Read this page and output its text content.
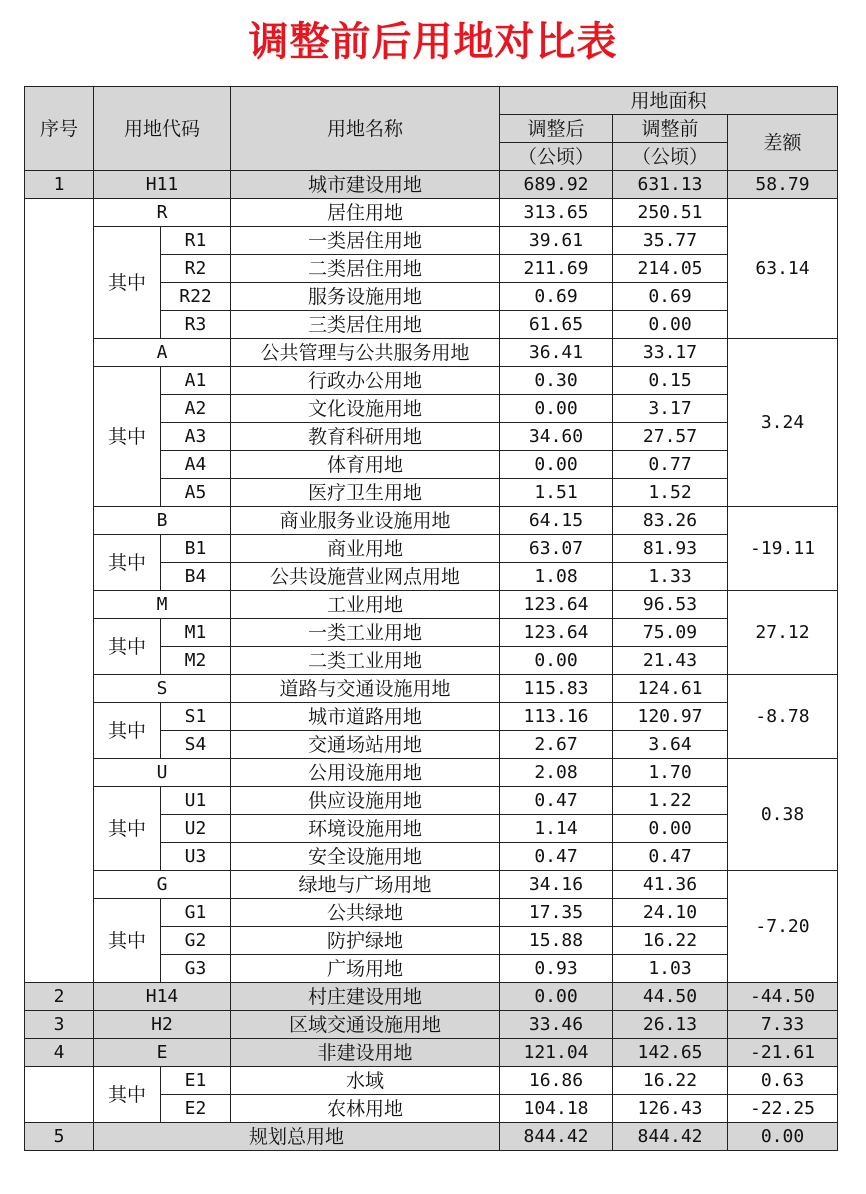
调整前后用地对比表
序号	用地代码		用地名称	用地面积		
				调整后	调整前	差额
				（公顷）	（公顷）	
1	H11		城市建设用地	689.92	631.13	58.79
	R		居住用地	313.65	250.51	63.14
	其中	R1	一类居住用地	39.61	35.77	
		R2	二类居住用地	211.69	214.05	
		R22	服务设施用地	0.69	0.69	
		R3	三类居住用地	61.65	0.00	
	A		公共管理与公共服务用地	36.41	33.17	3.24
	其中	A1	行政办公用地	0.30	0.15	
		A2	文化设施用地	0.00	3.17	
		A3	教育科研用地	34.60	27.57	
		A4	体育用地	0.00	0.77	
		A5	医疗卫生用地	1.51	1.52	
	B		商业服务业设施用地	64.15	83.26	-19.11
	其中	B1	商业用地	63.07	81.93	
		B4	公共设施营业网点用地	1.08	1.33	
	M		工业用地	123.64	96.53	27.12
	其中	M1	一类工业用地	123.64	75.09	
		M2	二类工业用地	0.00	21.43	
	S		道路与交通设施用地	115.83	124.61	-8.78
	其中	S1	城市道路用地	113.16	120.97	
		S4	交通场站用地	2.67	3.64	
	U		公用设施用地	2.08	1.70	0.38
	其中	U1	供应设施用地	0.47	1.22	
		U2	环境设施用地	1.14	0.00	
		U3	安全设施用地	0.47	0.47	
	G		绿地与广场用地	34.16	41.36	-7.20
	其中	G1	公共绿地	17.35	24.10	
		G2	防护绿地	15.88	16.22	
		G3	广场用地	0.93	1.03	
2	H14		村庄建设用地	0.00	44.50	-44.50
3	H2		区域交通设施用地	33.46	26.13	7.33
4	E		非建设用地	121.04	142.65	-21.61
	其中	E1	水域	16.86	16.22	0.63
		E2	农林用地	104.18	126.43	-22.25
5	规划总用地			844.42	844.42	0.00
